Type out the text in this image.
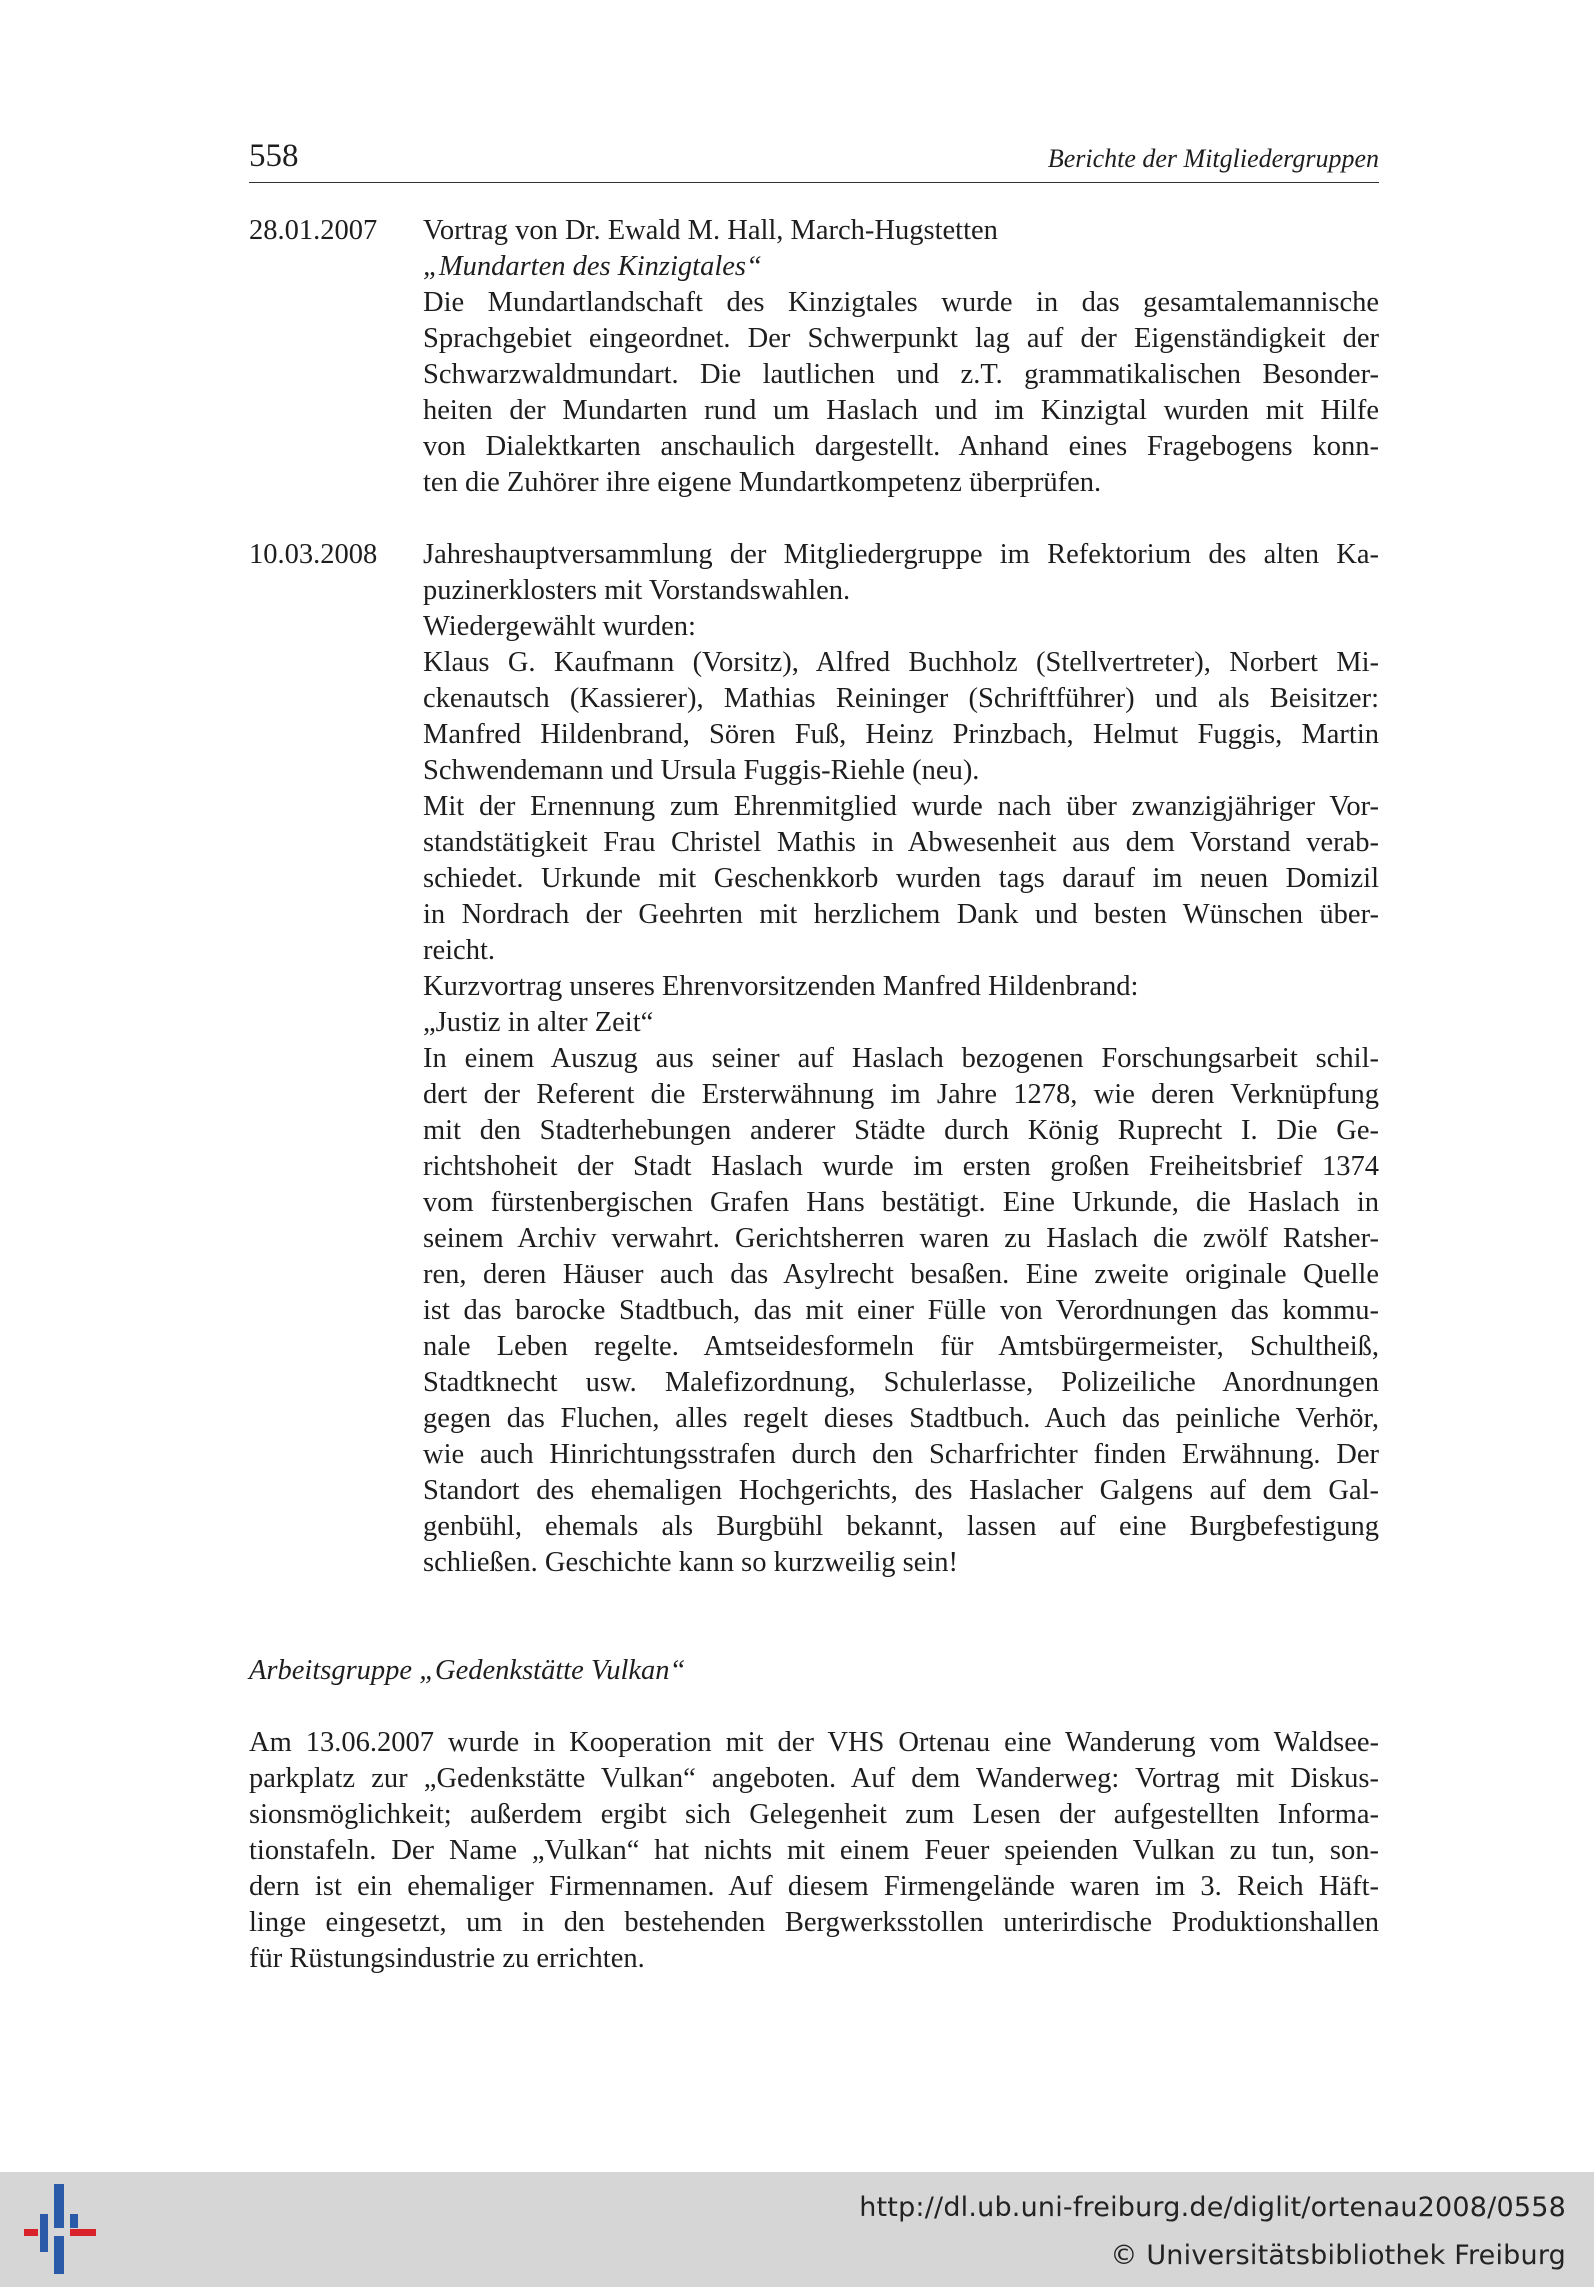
558	Berichte der Mitgliedergruppen
28.01.2007	Vortrag von Dr. Ewald M. Hall, March-Hugstetten
„Mundarten des Kinzigtales“
Die Mundartlandschaft des Kinzigtales wurde in das gesamtalemannische
Sprachgebiet eingeordnet. Der Schwerpunkt lag auf der Eigenständigkeit der
Schwarzwaldmundart. Die lautlichen und z.T. grammatikalischen Besonder-
heiten der Mundarten rund um Haslach und im Kinzigtal wurden mit Hilfe
von Dialektkarten anschaulich dargestellt. Anhand eines Fragebogens konn-
ten die Zuhörer ihre eigene Mundartkompetenz überprüfen.
10.03.2008	Jahreshauptversammlung der Mitgliedergruppe im Refektorium des alten Ka-
puzinerklosters mit Vorstandswahlen.
Wiedergewählt wurden:
Klaus G. Kaufmann (Vorsitz), Alfred Buchholz (Stellvertreter), Norbert Mi-
ckenautsch (Kassierer), Mathias Reininger (Schriftführer) und als Beisitzer:
Manfred Hildenbrand, Sören Fuß, Heinz Prinzbach, Helmut Fuggis, Martin
Schwendemann und Ursula Fuggis-Riehle (neu).
Mit der Ernennung zum Ehrenmitglied wurde nach über zwanzigjähriger Vor-
standstätigkeit Frau Christel Mathis in Abwesenheit aus dem Vorstand verab-
schiedet. Urkunde mit Geschenkkorb wurden tags darauf im neuen Domizil
in Nordrach der Geehrten mit herzlichem Dank und besten Wünschen über-
reicht.
Kurzvortrag unseres Ehrenvorsitzenden Manfred Hildenbrand:
„Justiz in alter Zeit“
In einem Auszug aus seiner auf Haslach bezogenen Forschungsarbeit schil-
dert der Referent die Ersterwähnung im Jahre 1278, wie deren Verknüpfung
mit den Stadterhebungen anderer Städte durch König Ruprecht I. Die Ge-
richtshoheit der Stadt Haslach wurde im ersten großen Freiheitsbrief 1374
vom fürstenbergischen Grafen Hans bestätigt. Eine Urkunde, die Haslach in
seinem Archiv verwahrt. Gerichtsherren waren zu Haslach die zwölf Ratsher-
ren, deren Häuser auch das Asylrecht besaßen. Eine zweite originale Quelle
ist das barocke Stadtbuch, das mit einer Fülle von Verordnungen das kommu-
nale Leben regelte. Amtseidesformeln für Amtsbürgermeister, Schultheiß,
Stadtknecht usw. Malefizordnung, Schulerlasse, Polizeiliche Anordnungen
gegen das Fluchen, alles regelt dieses Stadtbuch. Auch das peinliche Verhör,
wie auch Hinrichtungsstrafen durch den Scharfrichter finden Erwähnung. Der
Standort des ehemaligen Hochgerichts, des Haslacher Galgens auf dem Gal-
genbühl, ehemals als Burgbühl bekannt, lassen auf eine Burgbefestigung
schließen. Geschichte kann so kurzweilig sein!
Arbeitsgruppe „Gedenkstätte Vulkan“
Am 13.06.2007 wurde in Kooperation mit der VHS Ortenau eine Wanderung vom Waldsee-
parkplatz zur „Gedenkstätte Vulkan“ angeboten. Auf dem Wanderweg: Vortrag mit Diskus-
sionsmöglichkeit; außerdem ergibt sich Gelegenheit zum Lesen der aufgestellten Informa-
tionstafeln. Der Name „Vulkan“ hat nichts mit einem Feuer speienden Vulkan zu tun, son-
dern ist ein ehemaliger Firmennamen. Auf diesem Firmengelände waren im 3. Reich Häft-
linge eingesetzt, um in den bestehenden Bergwerksstollen unterirdische Produktionshallen
für Rüstungsindustrie zu errichten.
http://dl.ub.uni-freiburg.de/diglit/ortenau2008/0558
© Universitätsbibliothek Freiburg
